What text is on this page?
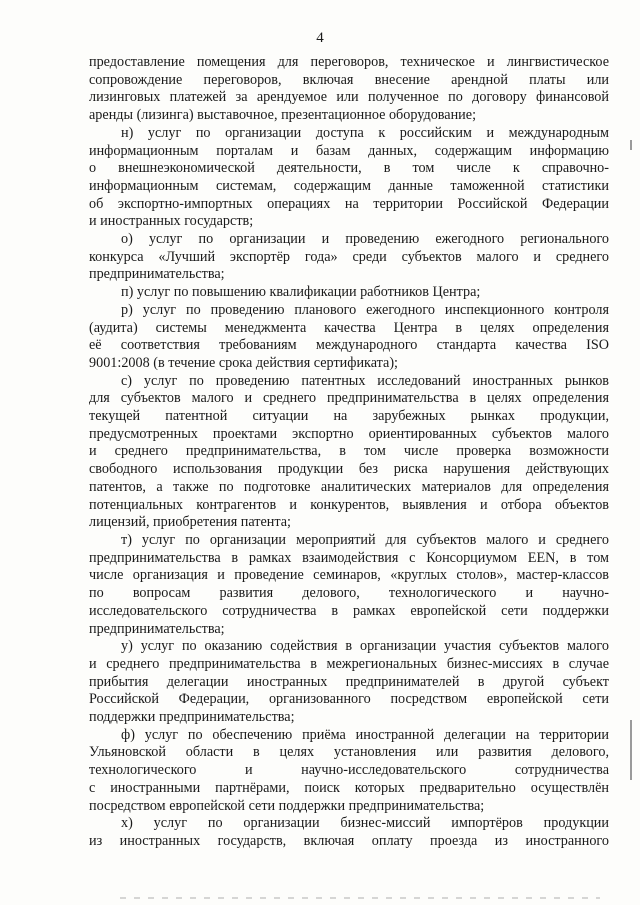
4
предоставление помещения для переговоров, техническое и лингвистическое
сопровождение переговоров, включая внесение арендной платы или
лизинговых платежей за арендуемое или полученное по договору финансовой
аренды (лизинга) выставочное, презентационное оборудование;
н) услуг по организации доступа к российским и международным
информационным порталам и базам данных, содержащим информацию
о внешнеэкономической деятельности, в том числе к справочно-
информационным системам, содержащим данные таможенной статистики
об экспортно-импортных операциях на территории Российской Федерации
и иностранных государств;
о) услуг по организации и проведению ежегодного регионального
конкурса «Лучший экспортёр года» среди субъектов малого и среднего
предпринимательства;
п) услуг по повышению квалификации работников Центра;
р) услуг по проведению планового ежегодного инспекционного контроля
(аудита) системы менеджмента качества Центра в целях определения
её соответствия требованиям международного стандарта качества ISO
9001:2008 (в течение срока действия сертификата);
с) услуг по проведению патентных исследований иностранных рынков
для субъектов малого и среднего предпринимательства в целях определения
текущей патентной ситуации на зарубежных рынках продукции,
предусмотренных проектами экспортно ориентированных субъектов малого
и среднего предпринимательства, в том числе проверка возможности
свободного использования продукции без риска нарушения действующих
патентов, а также по подготовке аналитических материалов для определения
потенциальных контрагентов и конкурентов, выявления и отбора объектов
лицензий, приобретения патента;
т) услуг по организации мероприятий для субъектов малого и среднего
предпринимательства в рамках взаимодействия с Консорциумом EEN, в том
числе организация и проведение семинаров, «круглых столов», мастер-классов
по вопросам развития делового, технологического и научно-
исследовательского сотрудничества в рамках европейской сети поддержки
предпринимательства;
у) услуг по оказанию содействия в организации участия субъектов малого
и среднего предпринимательства в межрегиональных бизнес-миссиях в случае
прибытия делегации иностранных предпринимателей в другой субъект
Российской Федерации, организованного посредством европейской сети
поддержки предпринимательства;
ф) услуг по обеспечению приёма иностранной делегации на территории
Ульяновской области в целях установления или развития делового,
технологического и научно-исследовательского сотрудничества
с иностранными партнёрами, поиск которых предварительно осуществлён
посредством европейской сети поддержки предпринимательства;
х) услуг по организации бизнес-миссий импортёров продукции
из иностранных государств, включая оплату проезда из иностранного
